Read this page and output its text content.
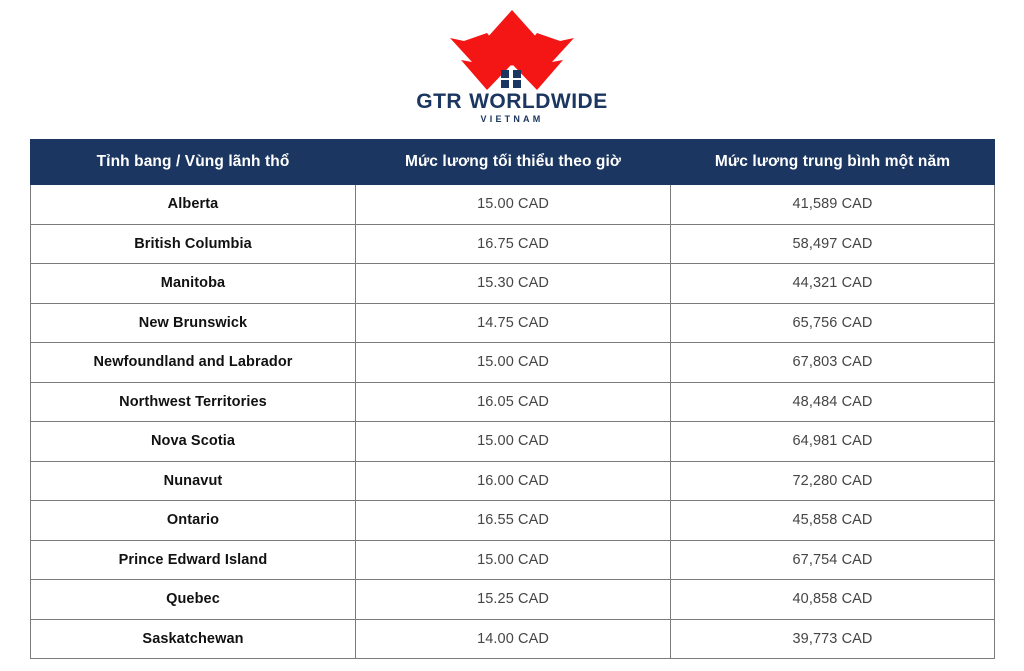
GTR WORLDWIDE
VIETNAM
Tỉnh bang / Vùng lãnh thổ	Mức lương tối thiểu theo giờ	Mức lương trung bình một năm
Alberta	15.00 CAD	41,589 CAD
British Columbia	16.75 CAD	58,497 CAD
Manitoba	15.30 CAD	44,321 CAD
New Brunswick	14.75 CAD	65,756 CAD
Newfoundland and Labrador	15.00 CAD	67,803 CAD
Northwest Territories	16.05 CAD	48,484 CAD
Nova Scotia	15.00 CAD	64,981 CAD
Nunavut	16.00 CAD	72,280 CAD
Ontario	16.55 CAD	45,858 CAD
Prince Edward Island	15.00 CAD	67,754 CAD
Quebec	15.25 CAD	40,858 CAD
Saskatchewan	14.00 CAD	39,773 CAD
